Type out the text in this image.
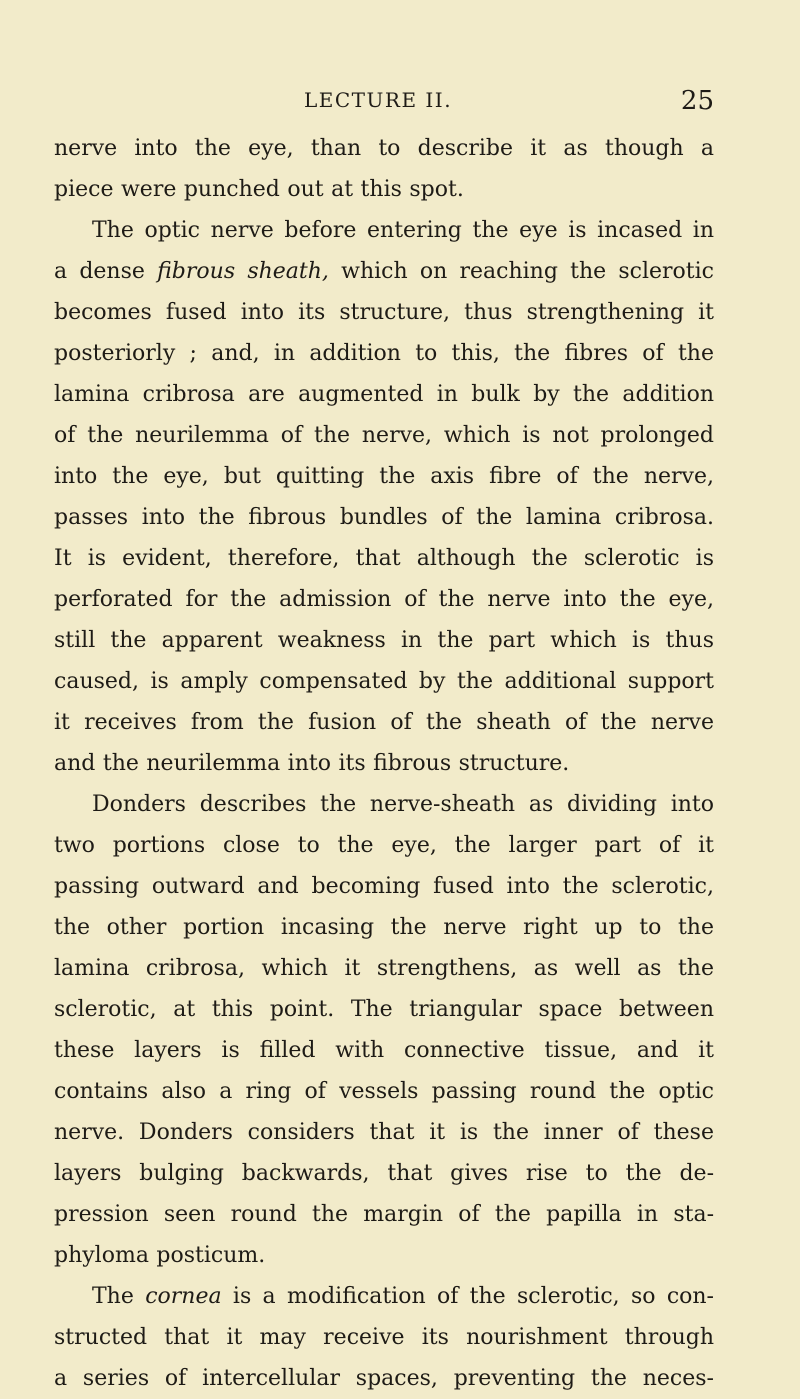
LECTURE II.	25
nerve into the eye, than to describe it as though a
piece were punched out at this spot.
The optic nerve before entering the eye is incased in
a dense fibrous sheath, which on reaching the sclerotic
becomes fused into its structure, thus strengthening it
posteriorly ; and, in addition to this, the fibres of the
lamina cribrosa are augmented in bulk by the addition
of the neurilemma of the nerve, which is not prolonged
into the eye, but quitting the axis fibre of the nerve,
passes into the fibrous bundles of the lamina cribrosa.
It is evident, therefore, that although the sclerotic is
perforated for the admission of the nerve into the eye,
still the apparent weakness in the part which is thus
caused, is amply compensated by the additional support
it receives from the fusion of the sheath of the nerve
and the neurilemma into its fibrous structure.
Donders describes the nerve-sheath as dividing into
two portions close to the eye, the larger part of it
passing outward and becoming fused into the sclerotic,
the other portion incasing the nerve right up to the
lamina cribrosa, which it strengthens, as well as the
sclerotic, at this point. The triangular space between
these layers is filled with connective tissue, and it
contains also a ring of vessels passing round the optic
nerve. Donders considers that it is the inner of these
layers bulging backwards, that gives rise to the de-
pression seen round the margin of the papilla in sta-
phyloma posticum.
The cornea is a modification of the sclerotic, so con-
structed that it may receive its nourishment through
a series of intercellular spaces, preventing the neces-
